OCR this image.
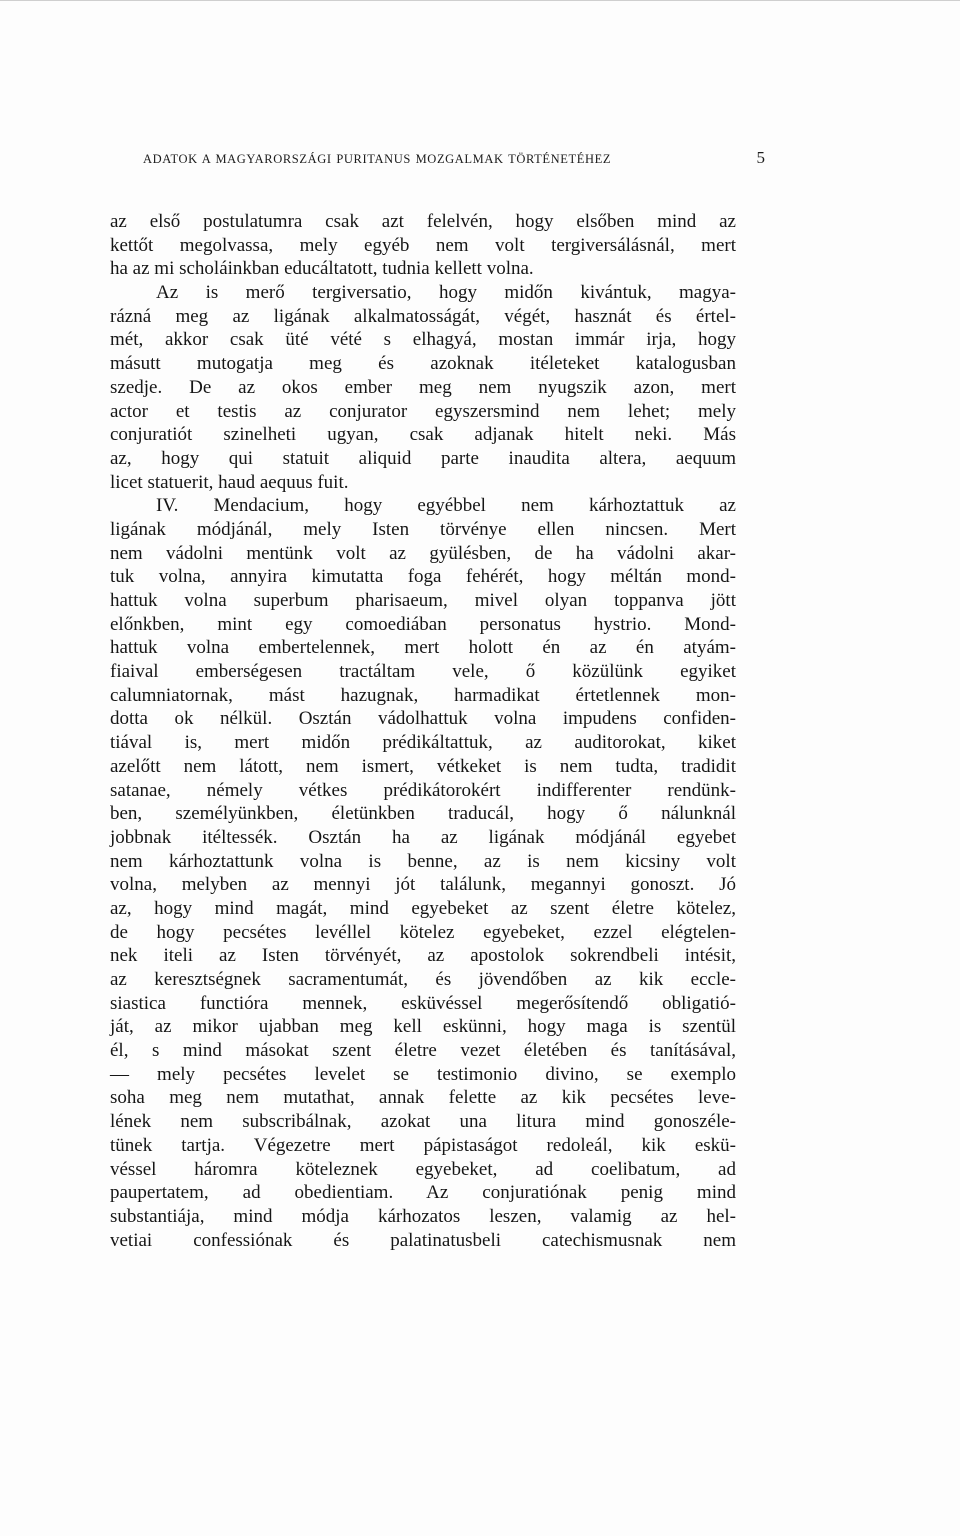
ADATOK A MAGYARORSZÁGI PURITANUS MOZGALMAK TÖRTÉNETÉHEZ	5
az első postulatumra csak azt felelvén, hogy elsőben mind az
kettőt megolvassa, mely egyéb nem volt tergiversálásnál, mert
ha az mi scholáinkban educáltatott, tudnia kellett volna.
Az is merő tergiversatio, hogy midőn kivántuk, magya-
rázná meg az ligának alkalmatosságát, végét, hasznát és értel-
mét, akkor csak üté vété s elhagyá, mostan immár irja, hogy
másutt mutogatja meg és azoknak itéleteket katalogusban
szedje. De az okos ember meg nem nyugszik azon, mert
actor et testis az conjurator egyszersmind nem lehet; mely
conjuratiót szinelheti ugyan, csak adjanak hitelt neki. Más
az, hogy qui statuit aliquid parte inaudita altera, aequum
licet statuerit, haud aequus fuit.
IV. Mendacium, hogy egyébbel nem kárhoztattuk az
ligának módjánál, mely Isten törvénye ellen nincsen. Mert
nem vádolni mentünk volt az gyülésben, de ha vádolni akar-
tuk volna, annyira kimutatta foga fehérét, hogy méltán mond-
hattuk volna superbum pharisaeum, mivel olyan toppanva jött
előnkben, mint egy comoediában personatus hystrio. Mond-
hattuk volna embertelennek, mert holott én az én atyám-
fiaival emberségesen tractáltam vele, ő közülünk egyiket
calumniatornak, mást hazugnak, harmadikat értetlennek mon-
dotta ok nélkül. Osztán vádolhattuk volna impudens confiden-
tiával is, mert midőn prédikáltattuk, az auditorokat, kiket
azelőtt nem látott, nem ismert, vétkeket is nem tudta, tradidit
satanae, némely vétkes prédikátorokért indifferenter rendünk-
ben, személyünkben, életünkben traducál, hogy ő nálunknál
jobbnak itéltessék. Osztán ha az ligának módjánál egyebet
nem kárhoztattunk volna is benne, az is nem kicsiny volt
volna, melyben az mennyi jót találunk, megannyi gonoszt. Jó
az, hogy mind magát, mind egyebeket az szent életre kötelez,
de hogy pecsétes levéllel kötelez egyebeket, ezzel elégtelen-
nek iteli az Isten törvényét, az apostolok sokrendbeli intésit,
az keresztségnek sacramentumát, és jövendőben az kik eccle-
siastica functióra mennek, esküvéssel megerősítendő obligatió-
ját, az mikor ujabban meg kell eskünni, hogy maga is szentül
él, s mind másokat szent életre vezet életében és tanításával,
— mely pecsétes levelet se testimonio divino, se exemplo
soha meg nem mutathat, annak felette az kik pecsétes leve-
lének nem subscribálnak, azokat una litura mind gonoszéle-
tünek tartja. Végezetre mert pápistaságot redoleál, kik eskü-
véssel háromra köteleznek egyebeket, ad coelibatum, ad
paupertatem, ad obedientiam. Az conjuratiónak penig mind
substantiája, mind módja kárhozatos leszen, valamig az hel-
vetiai confessiónak és palatinatusbeli catechismusnak nem
